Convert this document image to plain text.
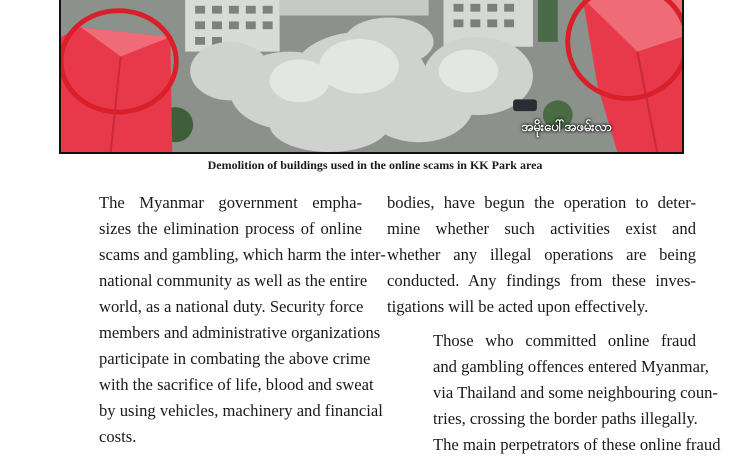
အမိုးပေါ်အဖမ်းလာ
Demolition of buildings used in the online scams in KK Park area

The Myanmar government empha-
sizes the elimination process of online
scams and gambling, which harm the inter-
national community as well as the entire
world, as a national duty. Security force
members and administrative organizations
participate in combating the above crime
with the sacrifice of life, blood and sweat
by using vehicles, machinery and financial
costs.

bodies, have begun the operation to deter-
mine whether such activities exist and
whether any illegal operations are being
conducted. Any findings from these inves-
tigations will be acted upon effectively.

Those who committed online fraud
and gambling offences entered Myanmar,
via Thailand and some neighbouring coun-
tries, crossing the border paths illegally.
The main perpetrators of these online fraud
